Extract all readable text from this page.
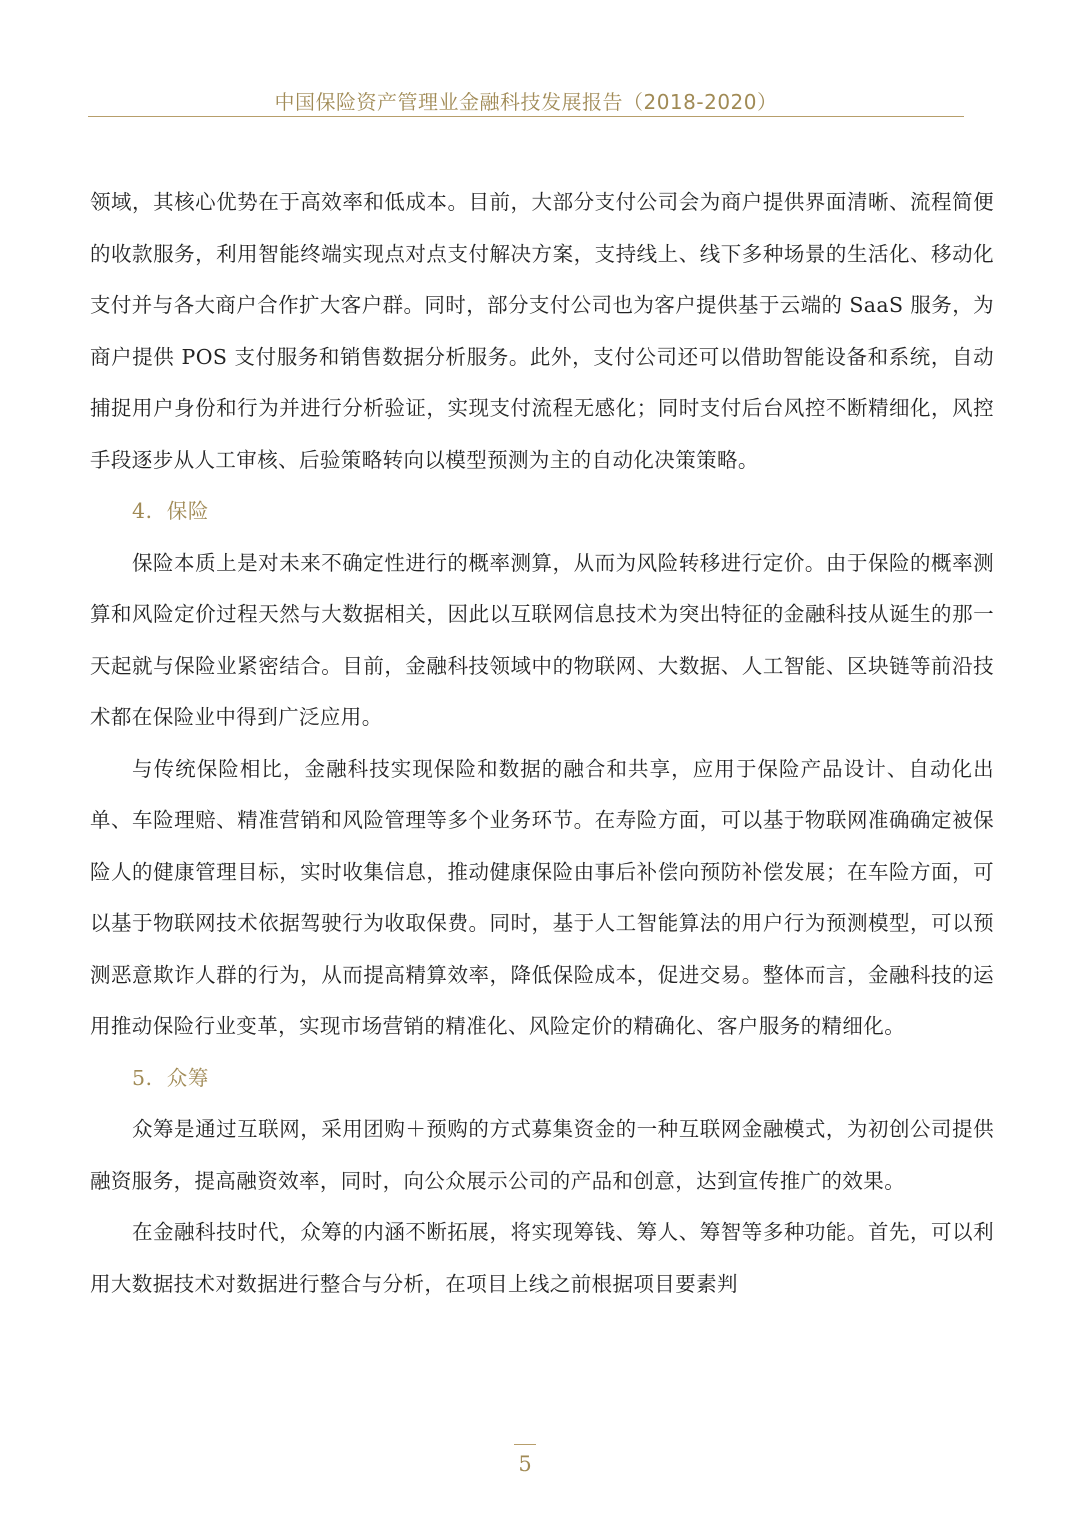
中国保险资产管理业金融科技发展报告（2018-2020）

领域，其核心优势在于高效率和低成本。目前，大部分支付公司会为商户提供界面清晰、流程简便的收款服务，利用智能终端实现点对点支付解决方案，支持线上、线下多种场景的生活化、移动化支付并与各大商户合作扩大客户群。同时，部分支付公司也为客户提供基于云端的 SaaS 服务，为商户提供 POS 支付服务和销售数据分析服务。此外，支付公司还可以借助智能设备和系统，自动捕捉用户身份和行为并进行分析验证，实现支付流程无感化；同时支付后台风控不断精细化，风控手段逐步从人工审核、后验策略转向以模型预测为主的自动化决策策略。

4．保险

保险本质上是对未来不确定性进行的概率测算，从而为风险转移进行定价。由于保险的概率测算和风险定价过程天然与大数据相关，因此以互联网信息技术为突出特征的金融科技从诞生的那一天起就与保险业紧密结合。目前，金融科技领域中的物联网、大数据、人工智能、区块链等前沿技术都在保险业中得到广泛应用。

与传统保险相比，金融科技实现保险和数据的融合和共享，应用于保险产品设计、自动化出单、车险理赔、精准营销和风险管理等多个业务环节。在寿险方面，可以基于物联网准确确定被保险人的健康管理目标，实时收集信息，推动健康保险由事后补偿向预防补偿发展；在车险方面，可以基于物联网技术依据驾驶行为收取保费。同时，基于人工智能算法的用户行为预测模型，可以预测恶意欺诈人群的行为，从而提高精算效率，降低保险成本，促进交易。整体而言，金融科技的运用推动保险行业变革，实现市场营销的精准化、风险定价的精确化、客户服务的精细化。

5．众筹

众筹是通过互联网，采用团购＋预购的方式募集资金的一种互联网金融模式，为初创公司提供融资服务，提高融资效率，同时，向公众展示公司的产品和创意，达到宣传推广的效果。

在金融科技时代，众筹的内涵不断拓展，将实现筹钱、筹人、筹智等多种功能。首先，可以利用大数据技术对数据进行整合与分析，在项目上线之前根据项目要素判

5
